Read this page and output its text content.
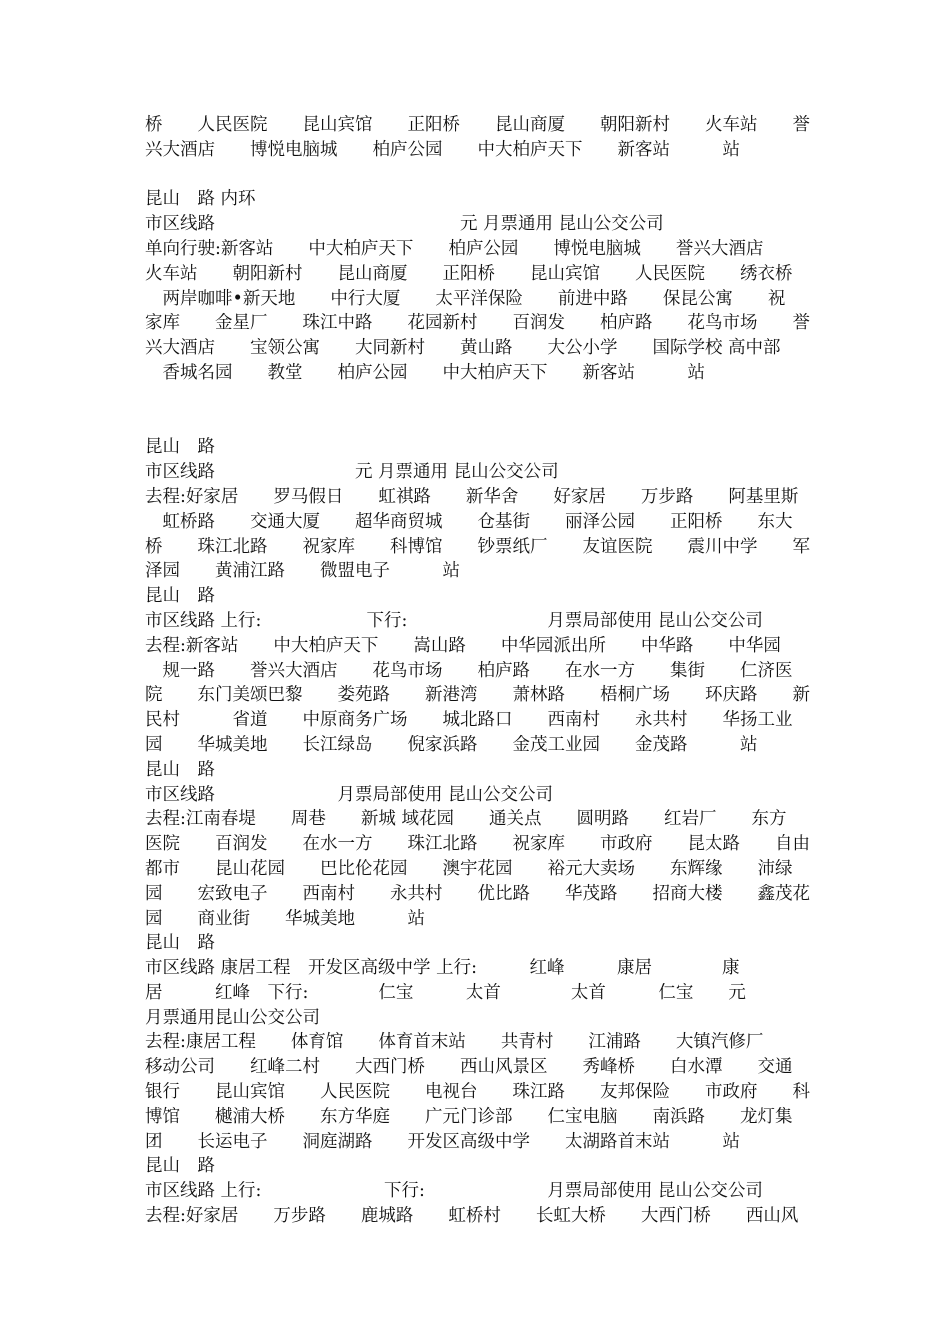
桥　　人民医院　　昆山宾馆　　正阳桥　　昆山商厦　　朝阳新村　　火车站　　誉
兴大酒店　　博悦电脑城　　柏庐公园　　中大柏庐天下　　新客站　　　站
昆山　路 内环
市区线路　　　　　　　　　　　　　　元 月票通用 昆山公交公司
单向行驶:新客站　　中大柏庐天下　　柏庐公园　　博悦电脑城　　誉兴大酒店
火车站　　朝阳新村　　昆山商厦　　正阳桥　　昆山宾馆　　人民医院　　绣衣桥
　两岸咖啡•新天地　　中行大厦　　太平洋保险　　前进中路　　保昆公寓　　祝
家库　　金星厂　　珠江中路　　花园新村　　百润发　　柏庐路　　花鸟市场　　誉
兴大酒店　　宝领公寓　　大同新村　　黄山路　　大公小学　　国际学校 高中部
　香城名园　　教堂　　柏庐公园　　中大柏庐天下　　新客站　　　站
昆山　路
市区线路　　　　　　　　元 月票通用 昆山公交公司
去程:好家居　　罗马假日　　虹祺路　　新华舍　　好家居　　万步路　　阿基里斯
　虹桥路　　交通大厦　　超华商贸城　　仓基街　　丽泽公园　　正阳桥　　东大
桥　　珠江北路　　祝家库　　科博馆　　钞票纸厂　　友谊医院　　震川中学　　军
泽园　　黄浦江路　　微盟电子　　　站
昆山　路
市区线路 上行:　　　　　　下行:　　　　　　　　月票局部使用 昆山公交公司
去程:新客站　　中大柏庐天下　　嵩山路　　中华园派出所　　中华路　　中华园
　规一路　　誉兴大酒店　　花鸟市场　　柏庐路　　在水一方　　集街　　仁济医
院　　东门美颂巴黎　　娄苑路　　新港湾　　萧林路　　梧桐广场　　环庆路　　新
民村　　　省道　　中原商务广场　　城北路口　　西南村　　永共村　　华扬工业
园　　华城美地　　长江绿岛　　倪家浜路　　金茂工业园　　金茂路　　　站
昆山　路
市区线路　　　　　　　月票局部使用 昆山公交公司
去程:江南春堤　　周巷　　新城 域花园　　通关点　　圆明路　　红岩厂　　东方
医院　　百润发　　在水一方　　珠江北路　　祝家库　　市政府　　昆太路　　自由
都市　　昆山花园　　巴比伦花园　　澳宇花园　　裕元大卖场　　东辉缘　　沛绿
园　　宏致电子　　西南村　　永共村　　优比路　　华茂路　　招商大楼　　鑫茂花
园　　商业街　　华城美地　　　站
昆山　路
市区线路 康居工程　开发区高级中学 上行:　　　红峰　　　康居　　　　康
居　　　红峰　下行:　　　　仁宝　　　太首　　　　太首　　　仁宝　　元
月票通用昆山公交公司
去程:康居工程　　体育馆　　体育首末站　　共青村　　江浦路　　大镇汽修厂
移动公司　　红峰二村　　大西门桥　　西山风景区　　秀峰桥　　白水潭　　交通
银行　　昆山宾馆　　人民医院　　电视台　　珠江路　　友邦保险　　市政府　　科
博馆　　樾浦大桥　　东方华庭　　广元门诊部　　仁宝电脑　　南浜路　　龙灯集
团　　长运电子　　洞庭湖路　　开发区高级中学　　太湖路首末站　　　站
昆山　路
市区线路 上行:　　　　　　　下行:　　　　　　　月票局部使用 昆山公交公司
去程:好家居　　万步路　　鹿城路　　虹桥村　　长虹大桥　　大西门桥　　西山风
